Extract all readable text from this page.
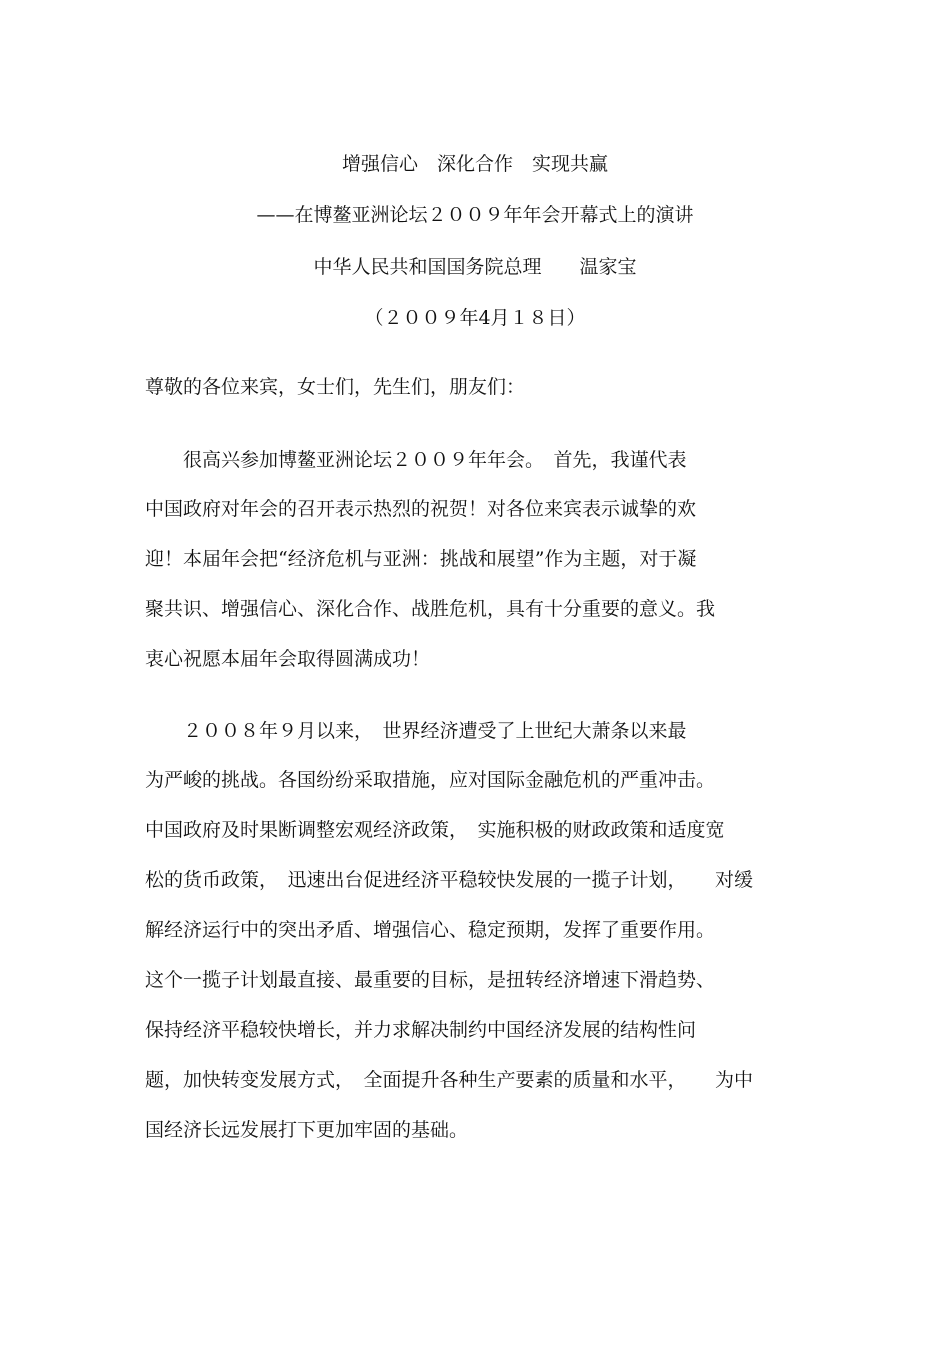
增强信心　深化合作　实现共赢
——在博鳌亚洲论坛２００９年年会开幕式上的演讲
中华人民共和国国务院总理　　温家宝
（２００９年4月１８日）
尊敬的各位来宾，女士们，先生们，朋友们：
　　很高兴参加博鳌亚洲论坛２００９年年会。　首先，我谨代表
中国政府对年会的召开表示热烈的祝贺！对各位来宾表示诚挚的欢
迎！本届年会把“经济危机与亚洲：挑战和展望”作为主题，对于凝
聚共识、增强信心、深化合作、战胜危机，具有十分重要的意义。我
衷心祝愿本届年会取得圆满成功！
　　２００８年９月以来，　世界经济遭受了上世纪大萧条以来最
为严峻的挑战。各国纷纷采取措施，应对国际金融危机的严重冲击。
中国政府及时果断调整宏观经济政策，　实施积极的财政政策和适度宽
松的货币政策，　迅速出台促进经济平稳较快发展的一揽子计划，　　对缓
解经济运行中的突出矛盾、增强信心、稳定预期，发挥了重要作用。
这个一揽子计划最直接、最重要的目标，是扭转经济增速下滑趋势、
保持经济平稳较快增长，并力求解决制约中国经济发展的结构性问
题，加快转变发展方式，　全面提升各种生产要素的质量和水平，　　为中
国经济长远发展打下更加牢固的基础。
